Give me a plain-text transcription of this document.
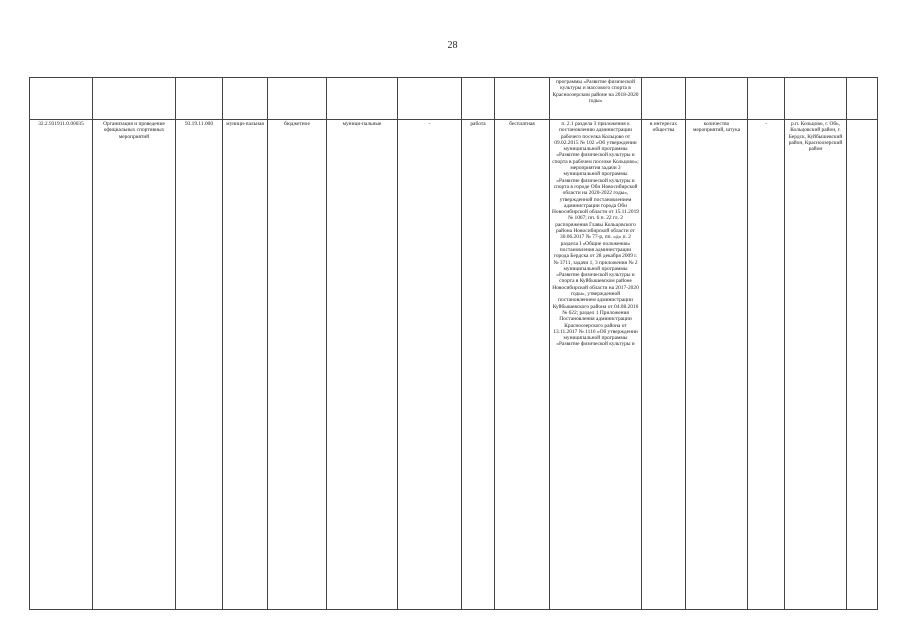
28
									программы «Развитие физической культуры и массового спорта в Красноозерском районе на 2018-2020 годы»					
32.2.931911.0.00035	Организация и проведение официальных спортивных мероприятий	93.19.11.000	муници-пальная	бюджетное	муници-пальные	-	работа	бесплатная	п. 2.1 раздела 3 приложения к постановлению администрации рабочего поселка Кольцово от 09.02.2015 № 102 «Об утверждении муниципальной программы «Развитие физической культуры и спорта в рабочем поселке Кольцово»; мероприятия задачи 3 муниципальной программы «Развитие физической культуры и спорта в городе Оби Новосибирской области на 2020-2022 годы», утвержденной постановлением администрации города Оби Новосибирской области от 15.11.2019 № 1067; пп. 6 п. 22 гл. 2 распоряжения Главы Кольцовского района Новосибирской области от 30.06.2017 № 77-р, пп. «д» п. 2 раздела I «Общие положения» постановления администрации города Бердска от 28 декабря 2009 г. № 3711, задачи 1, 3 приложения № 2 муниципальной программы «Развитие физической культуры и спорта в Куйбышевском районе Новосибирской области на 2017-2020 годы», утвержденной постановлением администрации Куйбышевского района от 04.08.2016 № 622; раздел 1 Приложения Постановления администрации Красноозерского района от 13.11.2017 № 1116 «Об утверждении муниципальной программы «Развитие физической культуры и	в интересах общества	количество мероприятий, штука	-	р.п. Кольцово, г. Обь, Кольцовский район, г. Бердск, Куйбышевский район, Красноозерский район	
